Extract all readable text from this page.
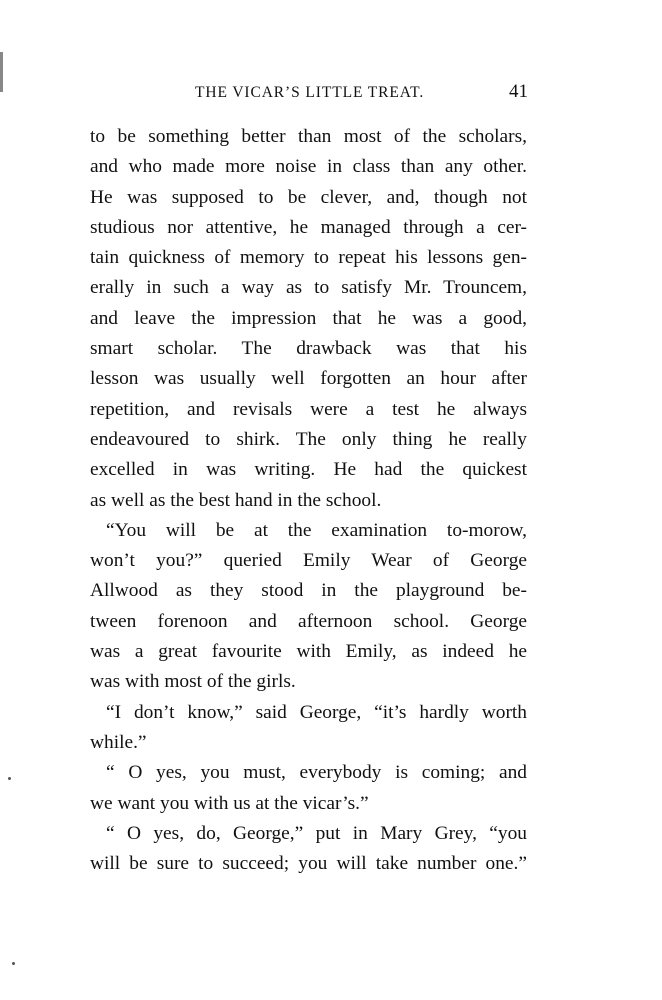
THE VICAR’S LITTLE TREAT.	41
to be something better than most of the scholars,
and who made more noise in class than any other.
He was supposed to be clever, and, though not
studious nor attentive, he managed through a cer-
tain quickness of memory to repeat his lessons gen-
erally in such a way as to satisfy Mr. Trouncem,
and leave the impression that he was a good,
smart scholar. The drawback was that his
lesson was usually well forgotten an hour after
repetition, and revisals were a test he always
endeavoured to shirk. The only thing he really
excelled in was writing. He had the quickest
as well as the best hand in the school.
“You will be at the examination to-morow,
won’t you?” queried Emily Wear of George
Allwood as they stood in the playground be-
tween forenoon and afternoon school. George
was a great favourite with Emily, as indeed he
was with most of the girls.
“I don’t know,” said George, “it’s hardly worth
while.”
“ O yes, you must, everybody is coming; and
we want you with us at the vicar’s.”
“ O yes, do, George,” put in Mary Grey, “you
will be sure to succeed; you will take number one.”
